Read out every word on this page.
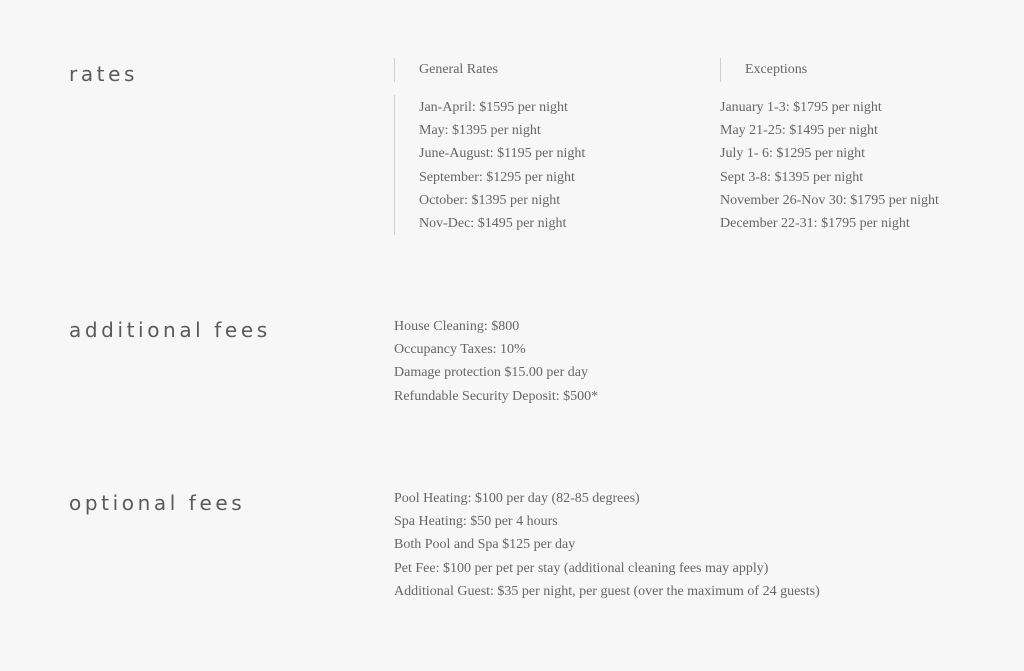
rates	General Rates
Jan-April: $1595 per night
May: $1395 per night
June-August: $1195 per night
September: $1295 per night
October: $1395 per night
Nov-Dec: $1495 per night
Exceptions
January 1-3: $1795 per night
May 21-25: $1495 per night
July 1- 6: $1295 per night
Sept 3-8: $1395 per night
November 26-Nov 30: $1795 per night
December 22-31: $1795 per night
additional fees	House Cleaning: $800
Occupancy Taxes: 10%
Damage protection $15.00 per day
Refundable Security Deposit: $500*
optional fees	Pool Heating: $100 per day (82-85 degrees)
Spa Heating: $50 per 4 hours
Both Pool and Spa $125 per day
Pet Fee: $100 per pet per stay (additional cleaning fees may apply)
Additional Guest: $35 per night, per guest (over the maximum of 24 guests)
